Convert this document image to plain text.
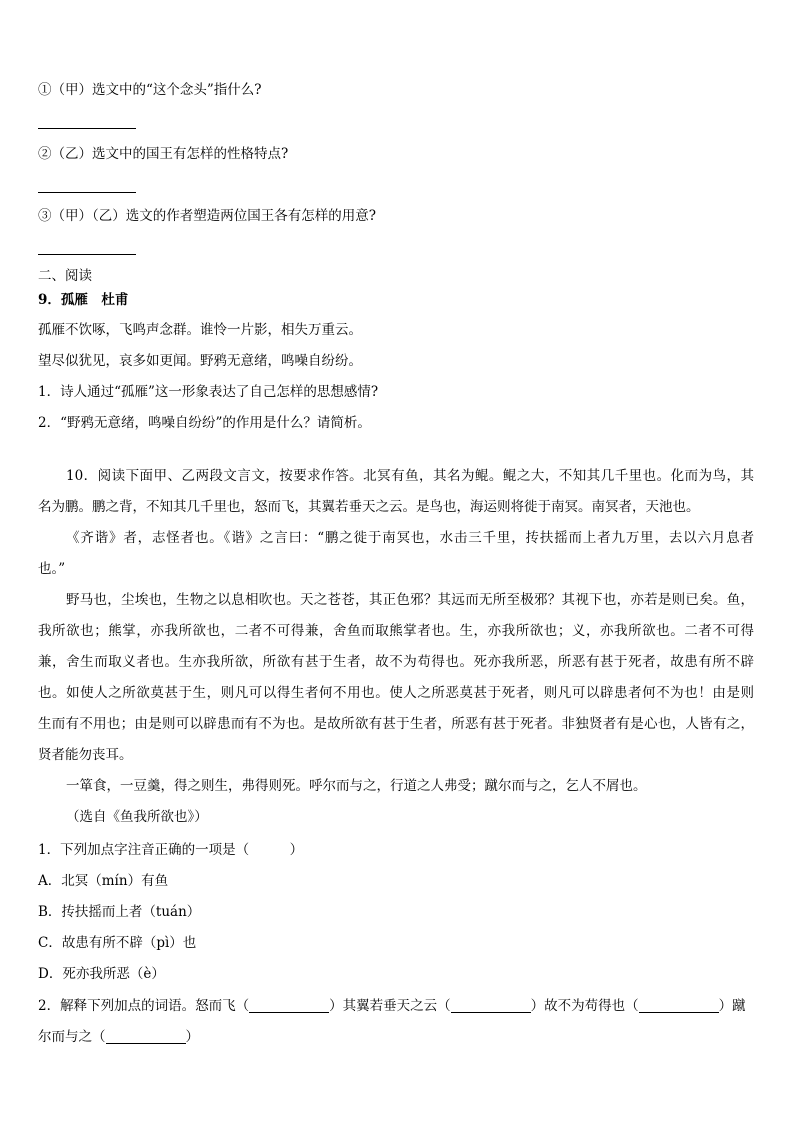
①（甲）选文中的“这个念头”指什么?
②（乙）选文中的国王有怎样的性格特点?
③（甲）（乙）选文的作者塑造两位国王各有怎样的用意?
二、阅读
9．孤雁　杜甫
孤雁不饮啄，飞鸣声念群。谁怜一片影，相失万重云。
望尽似犹见，哀多如更闻。野鸦无意绪，鸣噪自纷纷。
1．诗人通过“孤雁”这一形象表达了自己怎样的思想感情?
2．“野鸦无意绪，鸣噪自纷纷”的作用是什么？请简析。
10．阅读下面甲、乙两段文言文，按要求作答。北冥有鱼，其名为鲲。鲲之大，不知其几千里也。化而为鸟，其
名为鹏。鹏之背，不知其几千里也，怒而飞，其翼若垂天之云。是鸟也，海运则将徙于南冥。南冥者，天池也。
《齐谐》者，志怪者也。《谐》之言曰：“鹏之徙于南冥也，水击三千里，抟扶摇而上者九万里，去以六月息者
也。”
野马也，尘埃也，生物之以息相吹也。天之苍苍，其正色邪？其远而无所至极邪？其视下也，亦若是则已矣。鱼，
我所欲也；熊掌，亦我所欲也，二者不可得兼，舍鱼而取熊掌者也。生，亦我所欲也；义，亦我所欲也。二者不可得
兼，舍生而取义者也。生亦我所欲，所欲有甚于生者，故不为苟得也。死亦我所恶，所恶有甚于死者，故患有所不辟
也。如使人之所欲莫甚于生，则凡可以得生者何不用也。使人之所恶莫甚于死者，则凡可以辟患者何不为也！由是则
生而有不用也；由是则可以辟患而有不为也。是故所欲有甚于生者，所恶有甚于死者。非独贤者有是心也，人皆有之，
贤者能勿丧耳。
一箪食，一豆羹，得之则生，弗得则死。呼尔而与之，行道之人弗受；蹴尔而与之，乞人不屑也。
（选自《鱼我所欲也》）
1．下列加点字注音正确的一项是（　　　）
A．北冥（mín）有鱼
B．抟扶摇而上者（tuán）
C．故患有所不辟（pì）也
D．死亦我所恶（è）
2．解释下列加点的词语。怒而飞（	）其翼若垂天之云（	）故不为苟得也（	）蹴
尔而与之（	）
